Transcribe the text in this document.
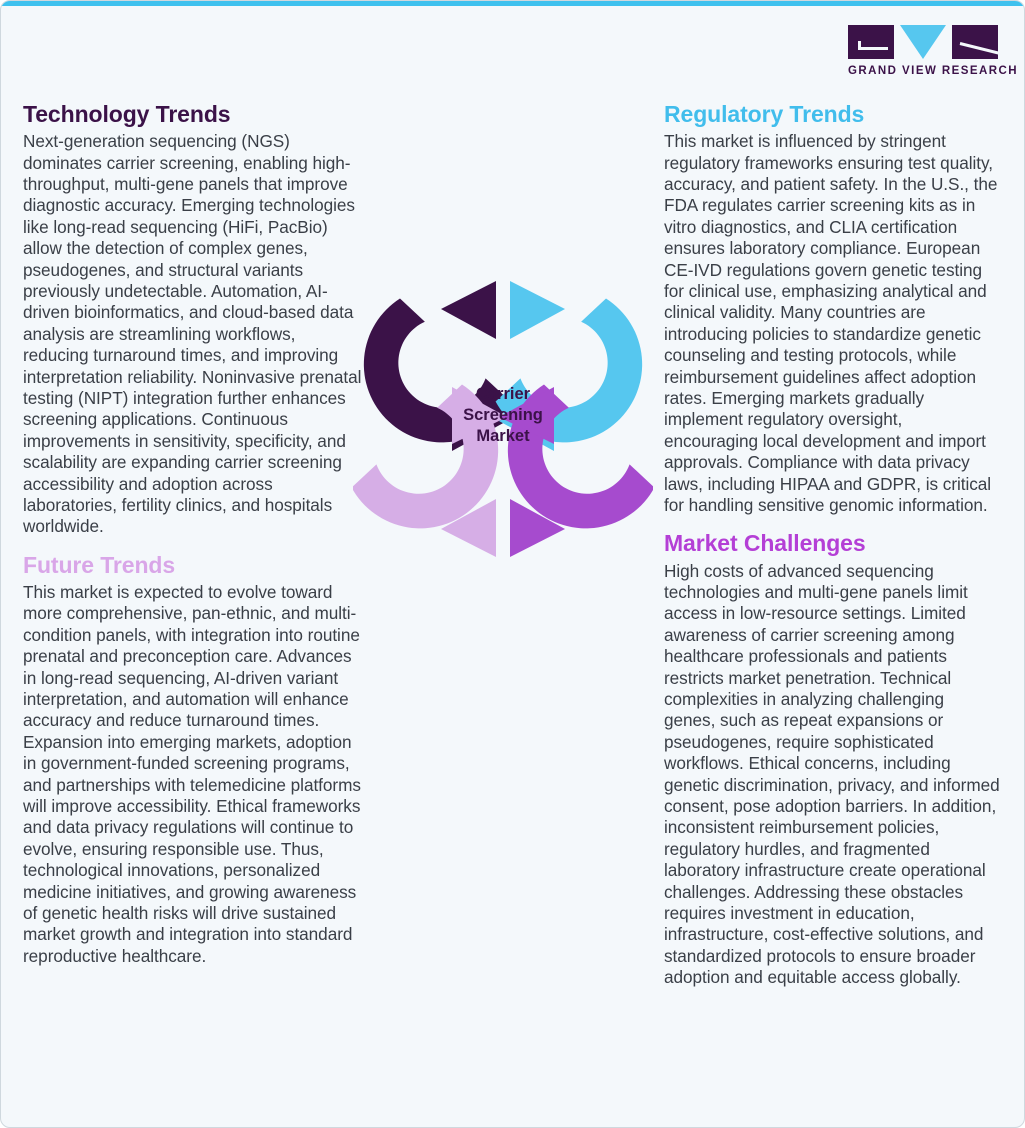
GRAND VIEW RESEARCH
Technology Trends

Next-generation sequencing (NGS) dominates carrier screening, enabling high-throughput, multi-gene panels that improve diagnostic accuracy. Emerging technologies like long-read sequencing (HiFi, PacBio) allow the detection of complex genes, pseudogenes, and structural variants previously undetectable. Automation, AI-driven bioinformatics, and cloud-based data analysis are streamlining workflows, reducing turnaround times, and improving interpretation reliability. Noninvasive prenatal testing (NIPT) integration further enhances screening applications. Continuous improvements in sensitivity, specificity, and scalability are expanding carrier screening accessibility and adoption across laboratories, fertility clinics, and hospitals worldwide.

Future Trends

This market is expected to evolve toward more comprehensive, pan-ethnic, and multi-condition panels, with integration into routine prenatal and preconception care. Advances in long-read sequencing, AI-driven variant interpretation, and automation will enhance accuracy and reduce turnaround times. Expansion into emerging markets, adoption in government-funded screening programs, and partnerships with telemedicine platforms will improve accessibility. Ethical frameworks and data privacy regulations will continue to evolve, ensuring responsible use. Thus, technological innovations, personalized medicine initiatives, and growing awareness of genetic health risks will drive sustained market growth and integration into standard reproductive healthcare.

Regulatory Trends

This market is influenced by stringent regulatory frameworks ensuring test quality, accuracy, and patient safety. In the U.S., the FDA regulates carrier screening kits as in vitro diagnostics, and CLIA certification ensures laboratory compliance. European CE-IVD regulations govern genetic testing for clinical use, emphasizing analytical and clinical validity. Many countries are introducing policies to standardize genetic counseling and testing protocols, while reimbursement guidelines affect adoption rates. Emerging markets gradually implement regulatory oversight, encouraging local development and import approvals. Compliance with data privacy laws, including HIPAA and GDPR, is critical for handling sensitive genomic information.

Market Challenges

High costs of advanced sequencing technologies and multi-gene panels limit access in low-resource settings. Limited awareness of carrier screening among healthcare professionals and patients restricts market penetration. Technical complexities in analyzing challenging genes, such as repeat expansions or pseudogenes, require sophisticated workflows. Ethical concerns, including genetic discrimination, privacy, and informed consent, pose adoption barriers. In addition, inconsistent reimbursement policies, regulatory hurdles, and fragmented laboratory infrastructure create operational challenges. Addressing these obstacles requires investment in education, infrastructure, cost-effective solutions, and standardized protocols to ensure broader adoption and equitable access globally.

Carrier
Screening
Market
